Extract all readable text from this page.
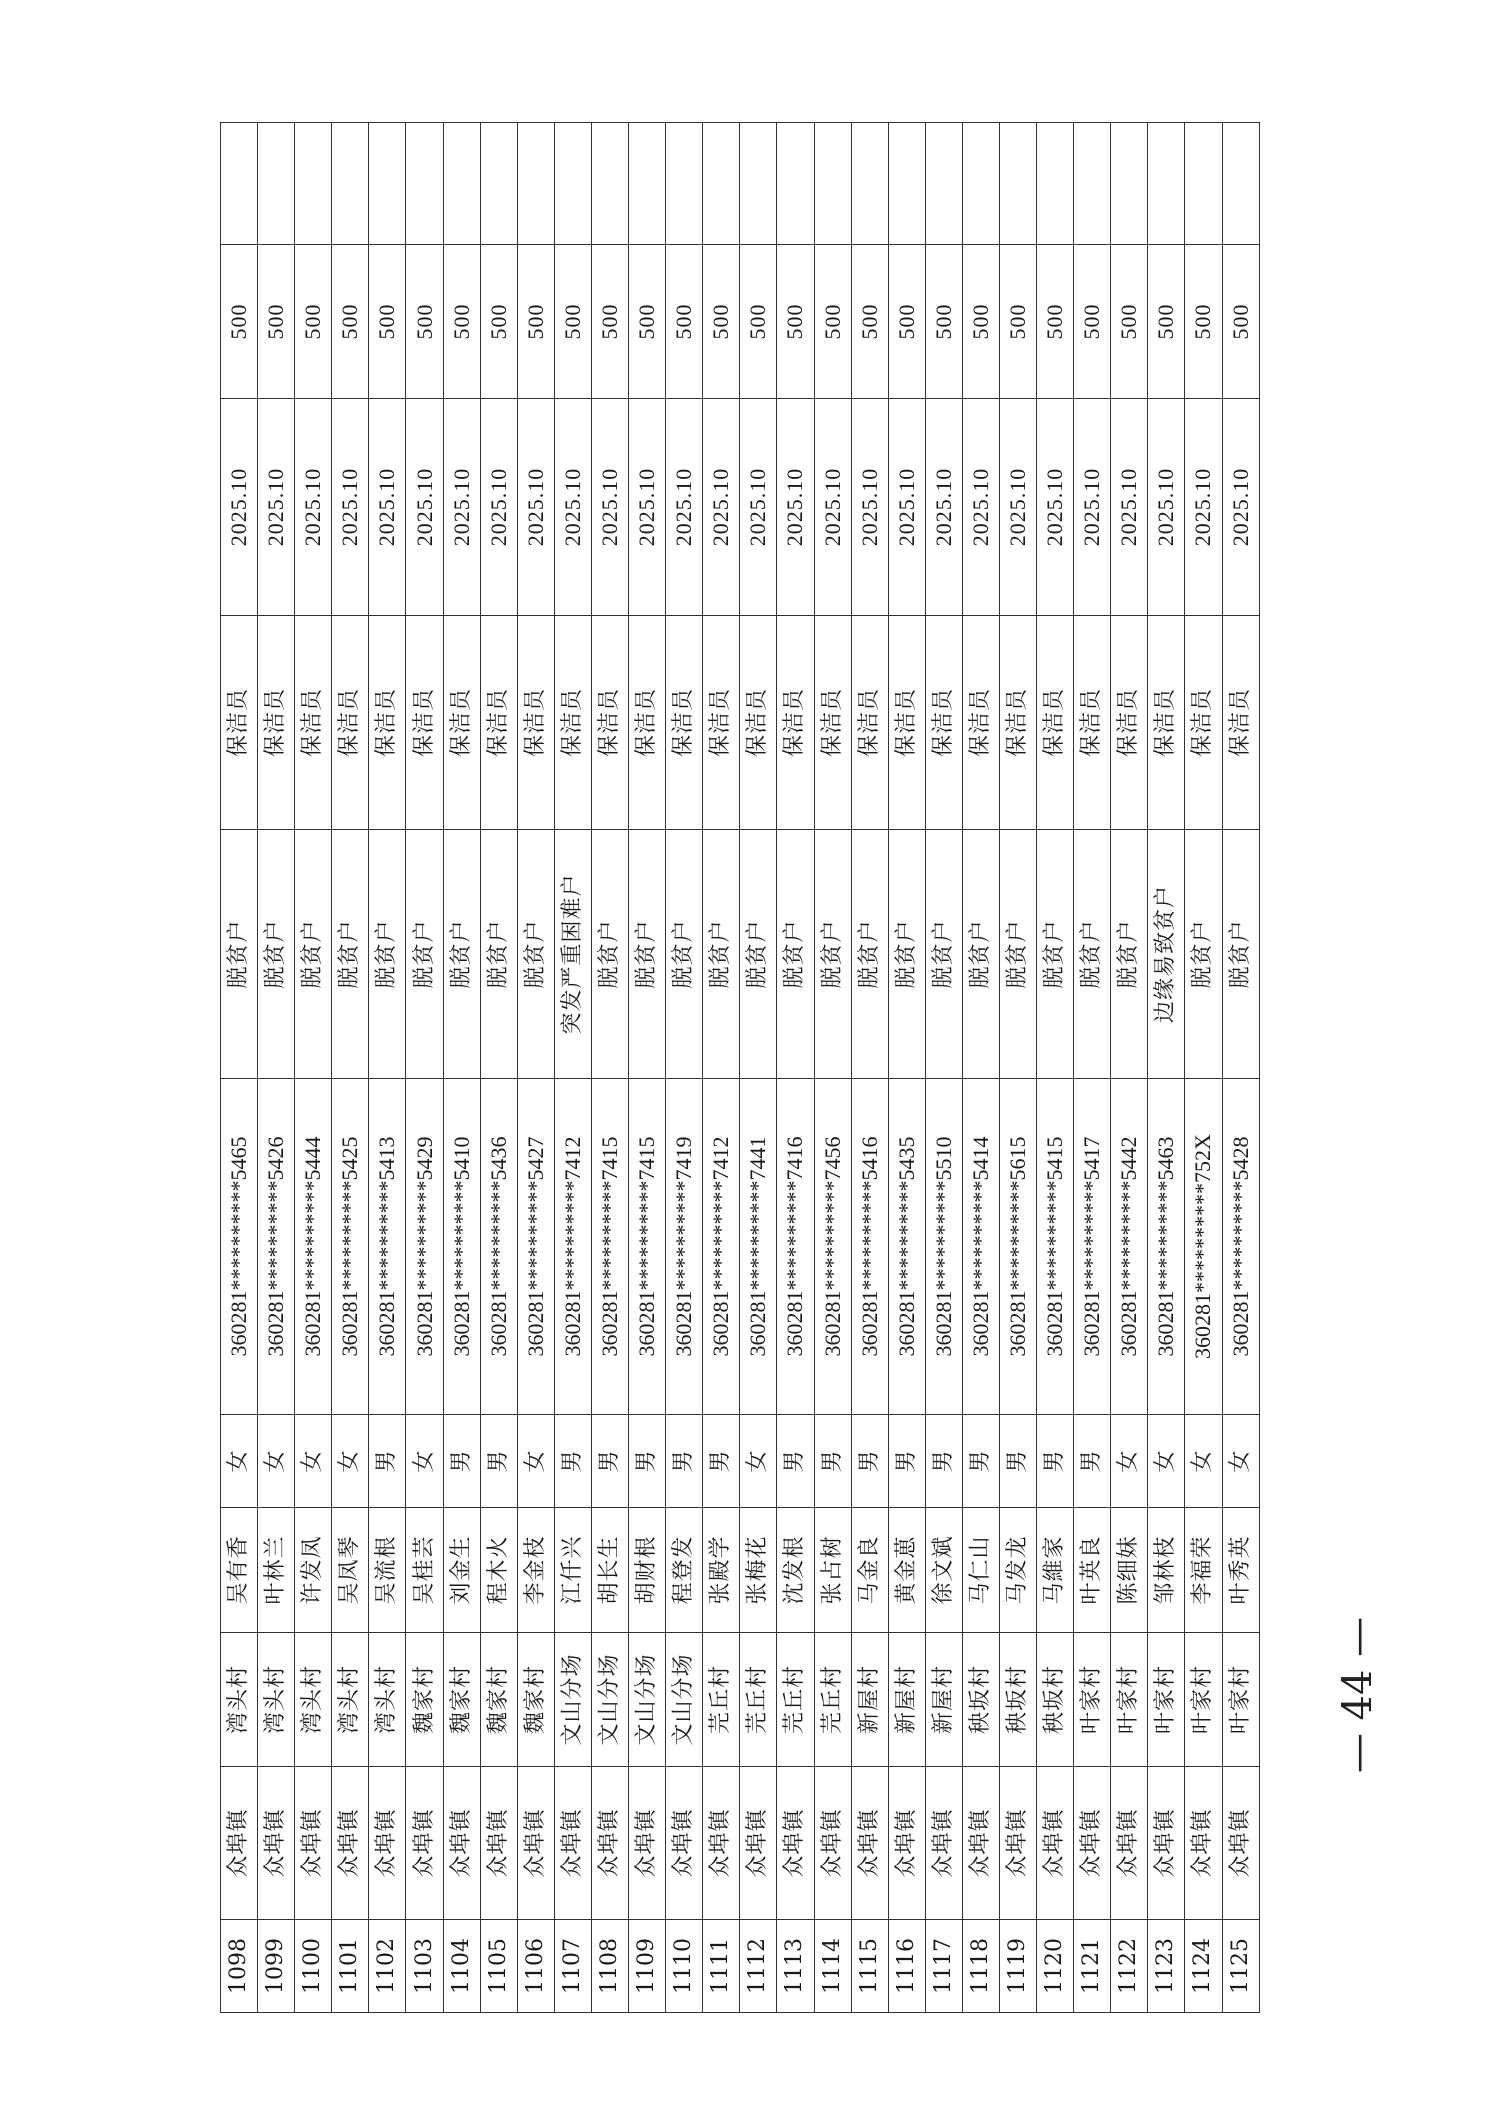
1098	众埠镇	湾头村	吴有香	女	360281**********5465	脱贫户	保洁员	2025.10	500	
1099	众埠镇	湾头村	叶林兰	女	360281**********5426	脱贫户	保洁员	2025.10	500	
1100	众埠镇	湾头村	许发凤	女	360281**********5444	脱贫户	保洁员	2025.10	500	
1101	众埠镇	湾头村	吴凤琴	女	360281**********5425	脱贫户	保洁员	2025.10	500	
1102	众埠镇	湾头村	吴流根	男	360281**********5413	脱贫户	保洁员	2025.10	500	
1103	众埠镇	魏家村	吴桂芸	女	360281**********5429	脱贫户	保洁员	2025.10	500	
1104	众埠镇	魏家村	刘金生	男	360281**********5410	脱贫户	保洁员	2025.10	500	
1105	众埠镇	魏家村	程木火	男	360281**********5436	脱贫户	保洁员	2025.10	500	
1106	众埠镇	魏家村	李金枝	女	360281**********5427	脱贫户	保洁员	2025.10	500	
1107	众埠镇	文山分场	江仟兴	男	360281**********7412	突发严重困难户	保洁员	2025.10	500	
1108	众埠镇	文山分场	胡长生	男	360281**********7415	脱贫户	保洁员	2025.10	500	
1109	众埠镇	文山分场	胡财根	男	360281**********7415	脱贫户	保洁员	2025.10	500	
1110	众埠镇	文山分场	程登发	男	360281**********7419	脱贫户	保洁员	2025.10	500	
1111	众埠镇	芫丘村	张殿学	男	360281**********7412	脱贫户	保洁员	2025.10	500	
1112	众埠镇	芫丘村	张梅花	女	360281**********7441	脱贫户	保洁员	2025.10	500	
1113	众埠镇	芫丘村	沈发根	男	360281**********7416	脱贫户	保洁员	2025.10	500	
1114	众埠镇	芫丘村	张占树	男	360281**********7456	脱贫户	保洁员	2025.10	500	
1115	众埠镇	新屋村	马金良	男	360281**********5416	脱贫户	保洁员	2025.10	500	
1116	众埠镇	新屋村	黄金葸	男	360281**********5435	脱贫户	保洁员	2025.10	500	
1117	众埠镇	新屋村	徐文斌	男	360281**********5510	脱贫户	保洁员	2025.10	500	
1118	众埠镇	秧坂村	马仁山	男	360281**********5414	脱贫户	保洁员	2025.10	500	
1119	众埠镇	秧坂村	马发龙	男	360281**********5615	脱贫户	保洁员	2025.10	500	
1120	众埠镇	秧坂村	马維家	男	360281**********5415	脱贫户	保洁员	2025.10	500	
1121	众埠镇	叶家村	叶英良	男	360281**********5417	脱贫户	保洁员	2025.10	500	
1122	众埠镇	叶家村	陈细妹	女	360281**********5442	脱贫户	保洁员	2025.10	500	
1123	众埠镇	叶家村	邹林枝	女	360281**********5463	边缘易致贫户	保洁员	2025.10	500	
1124	众埠镇	叶家村	李福荣	女	360281**********752X	脱贫户	保洁员	2025.10	500	
1125	众埠镇	叶家村	叶秀英	女	360281**********5428	脱贫户	保洁员	2025.10	500	
— 44 —
